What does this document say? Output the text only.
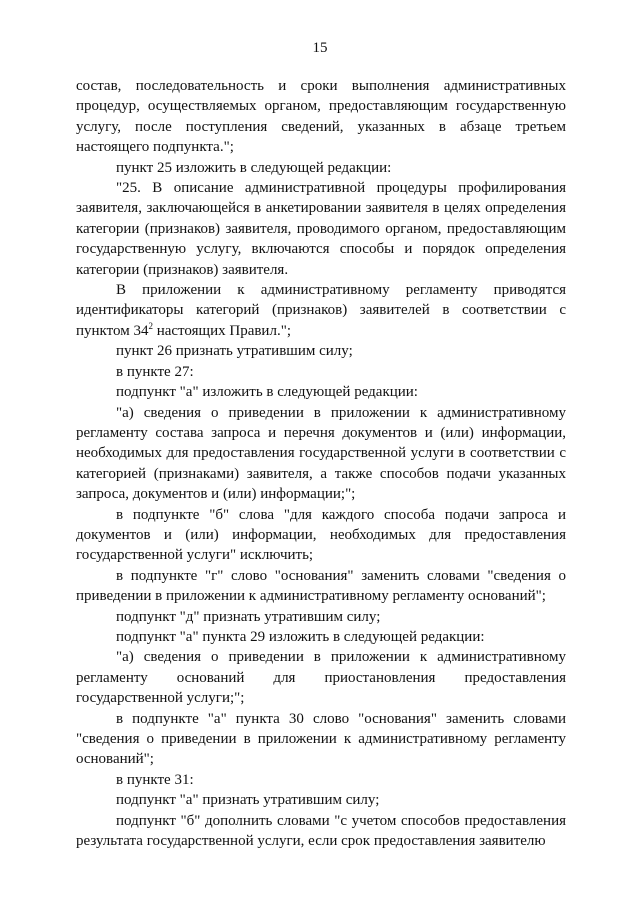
15

состав, последовательность и сроки выполнения административных процедур, осуществляемых органом, предоставляющим государственную услугу, после поступления сведений, указанных в абзаце третьем настоящего подпункта.";

пункт 25 изложить в следующей редакции:

"25. В описание административной процедуры профилирования заявителя, заключающейся в анкетировании заявителя в целях определения категории (признаков) заявителя, проводимого органом, предоставляющим государственную услугу, включаются способы и порядок определения категории (признаков) заявителя.

В приложении к административному регламенту приводятся идентификаторы категорий (признаков) заявителей в соответствии с пунктом $34^2$ настоящих Правил.";

пункт 26 признать утратившим силу;

в пункте 27:

подпункт "а" изложить в следующей редакции:

"а) сведения о приведении в приложении к административному регламенту состава запроса и перечня документов и (или) информации, необходимых для предоставления государственной услуги в соответствии с категорией (признаками) заявителя, а также способов подачи указанных запроса, документов и (или) информации;";

в подпункте "б" слова "для каждого способа подачи запроса и документов и (или) информации, необходимых для предоставления государственной услуги" исключить;

в подпункте "г" слово "основания" заменить словами "сведения о приведении в приложении к административному регламенту оснований";

подпункт "д" признать утратившим силу;

подпункт "а" пункта 29 изложить в следующей редакции:

"а) сведения о приведении в приложении к административному регламенту оснований для приостановления предоставления государственной услуги;";

в подпункте "а" пункта 30 слово "основания" заменить словами "сведения о приведении в приложении к административному регламенту оснований";

в пункте 31:

подпункт "а" признать утратившим силу;

подпункт "б" дополнить словами "с учетом способов предоставления результата государственной услуги, если срок предоставления заявителю
